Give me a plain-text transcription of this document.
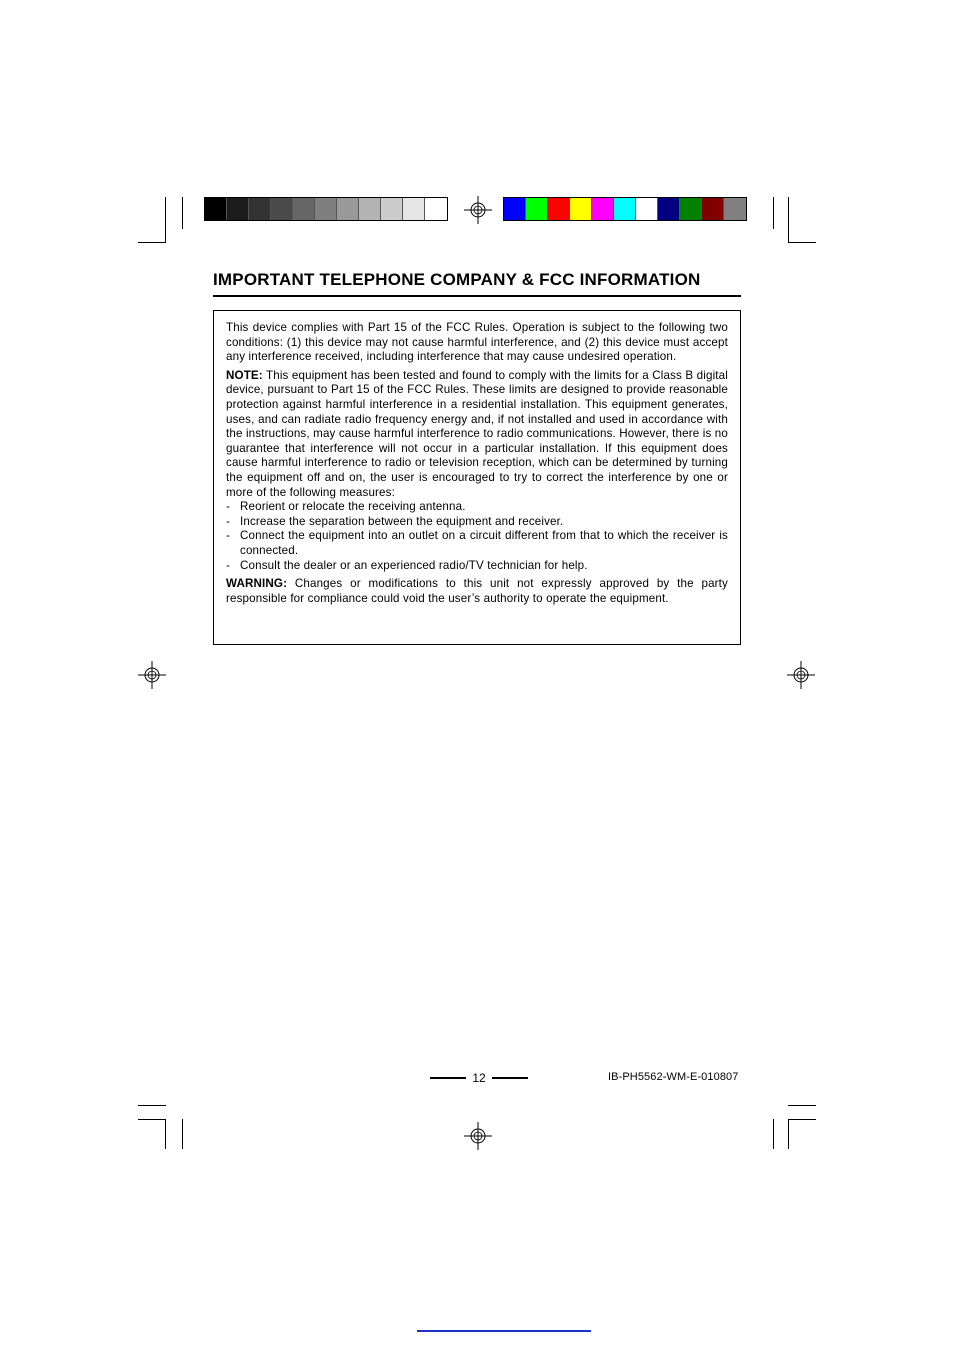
IMPORTANT TELEPHONE COMPANY & FCC INFORMATION

This device complies with Part 15 of the FCC Rules. Operation is subject to the following two conditions: (1) this device may not cause harmful interference, and (2) this device must accept any interference received, including interference that may cause undesired operation.

NOTE: This equipment has been tested and found to comply with the limits for a Class B digital device, pursuant to Part 15 of the FCC Rules. These limits are designed to provide reasonable protection against harmful interference in a residential installation. This equipment generates, uses, and can radiate radio frequency energy and, if not installed and used in accordance with the instructions, may cause harmful interference to radio communications. However, there is no guarantee that interference will not occur in a particular installation. If this equipment does cause harmful interference to radio or television reception, which can be determined by turning the equipment off and on, the user is encouraged to try to correct the interference by one or more of the following measures:

- Reorient or relocate the receiving antenna.
- Increase the separation between the equipment and receiver.
- Connect the equipment into an outlet on a circuit different from that to which the receiver is connected.
- Consult the dealer or an experienced radio/TV technician for help.

WARNING: Changes or modifications to this unit not expressly approved by the party responsible for compliance could void the user’s authority to operate the equipment.

12	IB-PH5562-WM-E-010807
